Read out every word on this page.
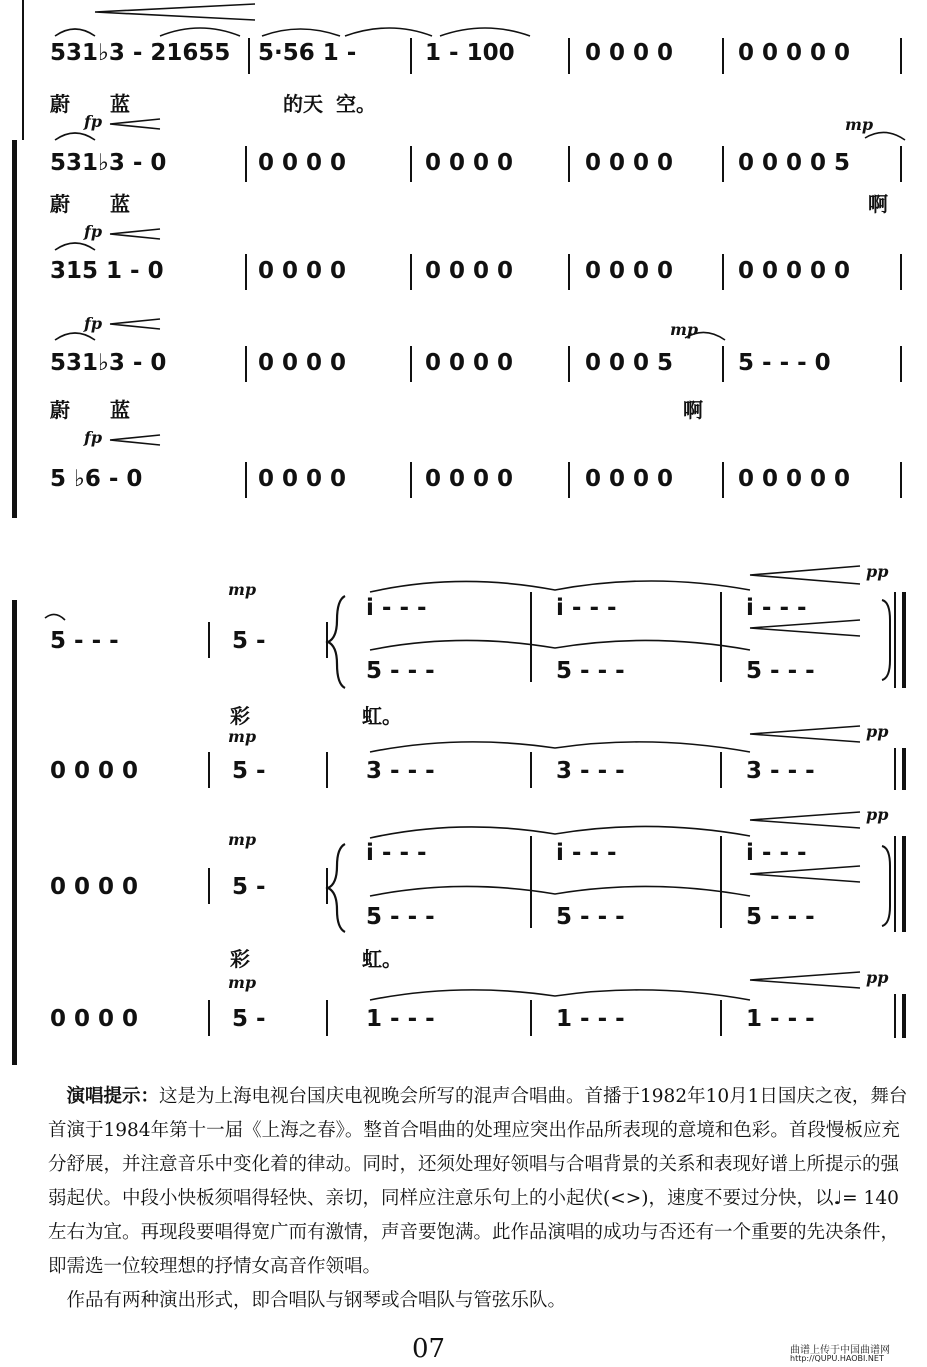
531♭3 - 21655 5·56 1 -	1 - 100	0 0 0 0	0 0 0 0 0
蔚 蓝	的天 空。
fp	mp
531♭3 - 0	0 0 0 0	0 0 0 0	0 0 0 0	0 0 0 0 5
蔚 蓝	啊
fp
315 1 - 0	0 0 0 0	0 0 0 0	0 0 0 0	0 0 0 0 0
fp	mp
531♭3 - 0	0 0 0 0	0 0 0 0	0 0 0 5	5 - - - 0
蔚 蓝	啊
fp
5 ♭6 - 0	0 0 0 0	0 0 0 0	0 0 0 0	0 0 0 0 0
mp
pp
5 - - -	5 -
i - - -	i - - -	i - - -
5 - - -	5 - - -	5 - - -
彩	虹。
mp	pp
0 0 0 0	5 -	3 - - -	3 - - -	3 - - -
mp
pp
0 0 0 0	5 -
i - - -	i - - -	i - - -
5 - - -	5 - - -	5 - - -
彩	虹。
mp	pp
0 0 0 0	5 -	1 - - -	1 - - -	1 - - -

演唱提示：这是为上海电视台国庆电视晚会所写的混声合唱曲。首播于1982年10月1日国庆之夜，舞台首演于1984年第十一届《上海之春》。整首合唱曲的处理应突出作品所表现的意境和色彩。首段慢板应充分舒展，并注意音乐中变化着的律动。同时，还须处理好领唱与合唱背景的关系和表现好谱上所提示的强弱起伏。中段小快板须唱得轻快、亲切，同样应注意乐句上的小起伏(<>)，速度不要过分快，以♩= 140左右为宜。再现段要唱得宽广而有激情，声音要饱满。此作品演唱的成功与否还有一个重要的先决条件，即需选一位较理想的抒情女高音作领唱。

作品有两种演出形式，即合唱队与钢琴或合唱队与管弦乐队。

07	曲谱上传于中国曲谱网
http://QUPU.HAOBI.NET
